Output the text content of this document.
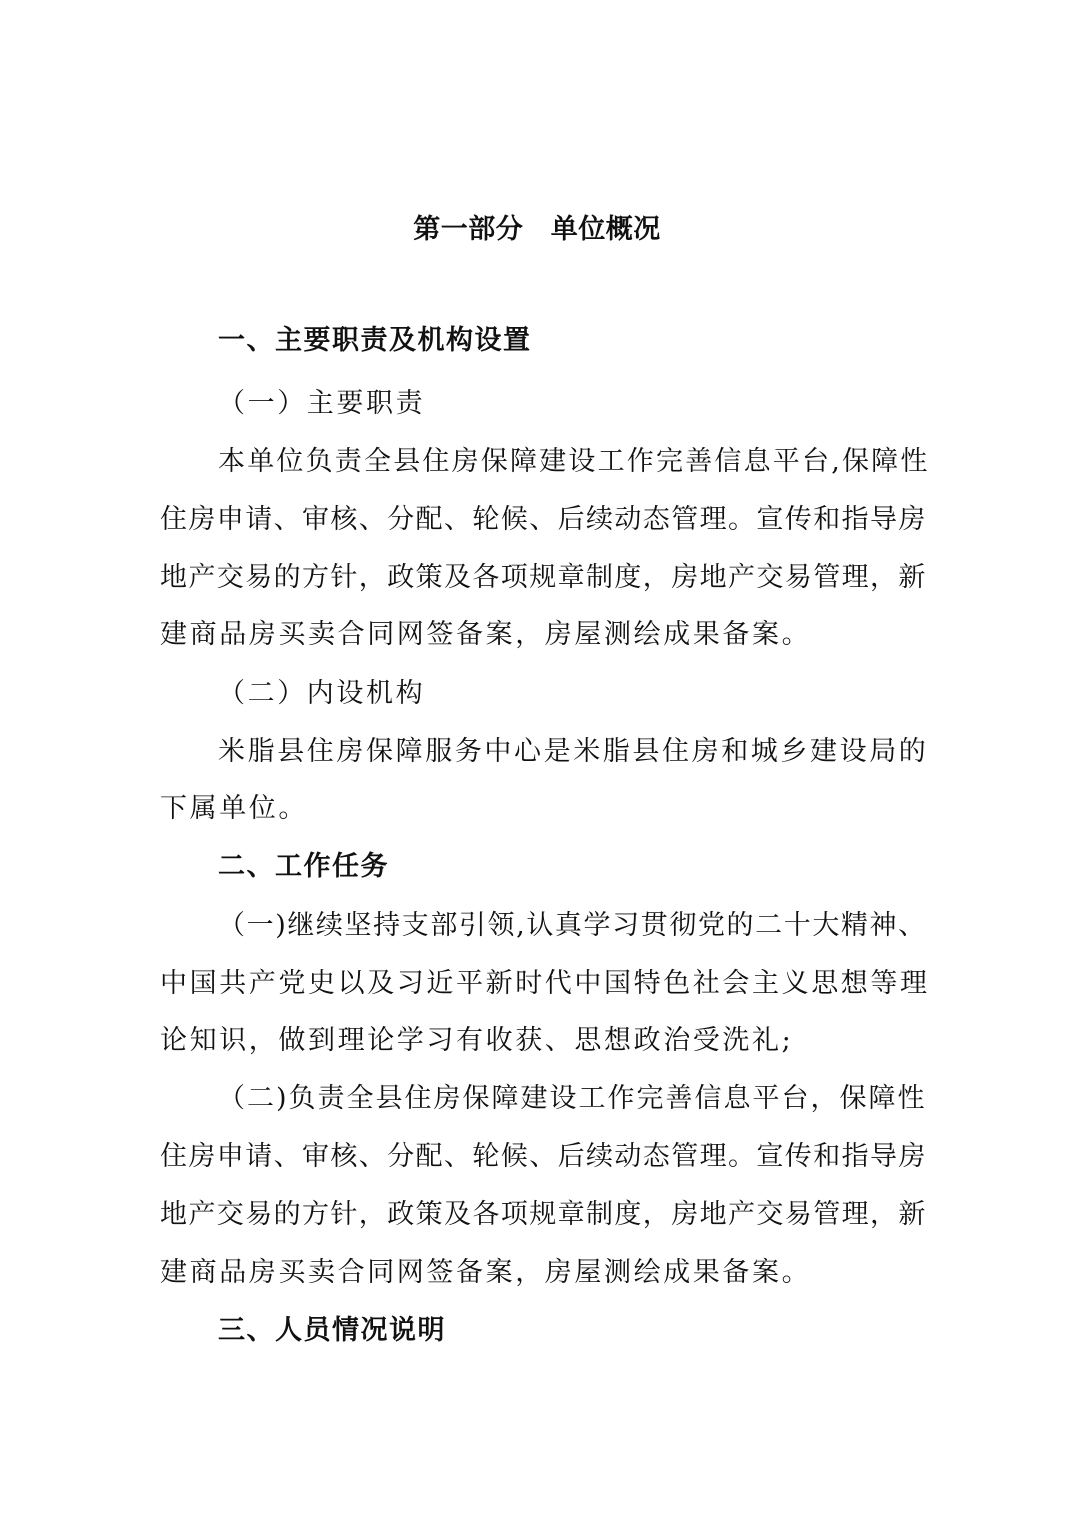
第一部分　单位概况
一、主要职责及机构设置
（一）主要职责
本单位负责全县住房保障建设工作完善信息平台,保障性
住房申请、审核、分配、轮候、后续动态管理。宣传和指导房
地产交易的方针，政策及各项规章制度，房地产交易管理，新
建商品房买卖合同网签备案，房屋测绘成果备案。
（二）内设机构
米脂县住房保障服务中心是米脂县住房和城乡建设局的
下属单位。
二、工作任务
（一)继续坚持支部引领,认真学习贯彻党的二十大精神、
中国共产党史以及习近平新时代中国特色社会主义思想等理
论知识，做到理论学习有收获、思想政治受洗礼;
（二)负责全县住房保障建设工作完善信息平台，保障性
住房申请、审核、分配、轮候、后续动态管理。宣传和指导房
地产交易的方针，政策及各项规章制度，房地产交易管理，新
建商品房买卖合同网签备案，房屋测绘成果备案。
三、人员情况说明
